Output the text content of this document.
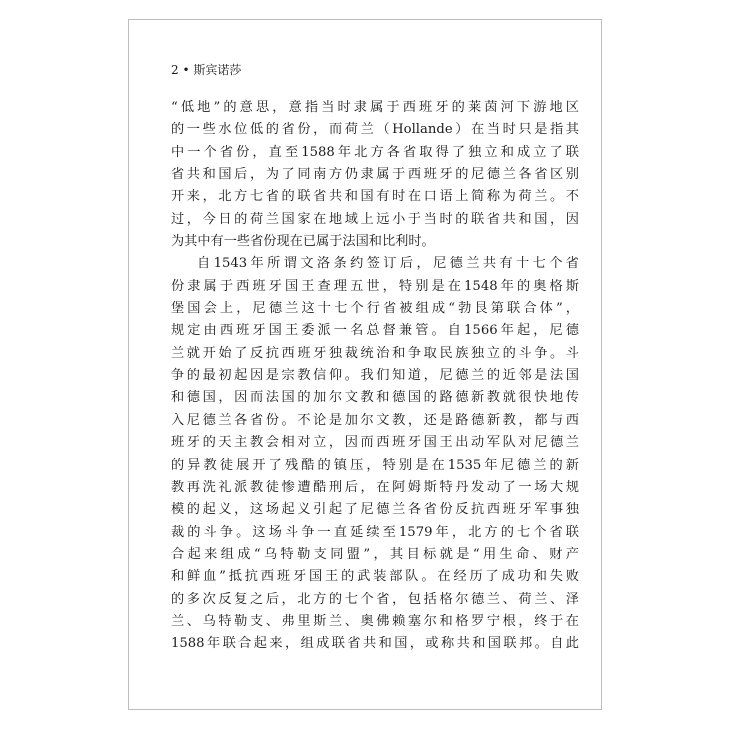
2 • 斯宾诺莎
“低地”的意思，意指当时隶属于西班牙的莱茵河下游地区
的一些水位低的省份，而荷兰（Hollande）在当时只是指其
中一个省份，直至1588年北方各省取得了独立和成立了联
省共和国后，为了同南方仍隶属于西班牙的尼德兰各省区别
开来，北方七省的联省共和国有时在口语上简称为荷兰。不
过，今日的荷兰国家在地域上远小于当时的联省共和国，因
为其中有一些省份现在已属于法国和比利时。
自1543年所谓文洛条约签订后，尼德兰共有十七个省
份隶属于西班牙国王查理五世，特别是在1548年的奥格斯
堡国会上，尼德兰这十七个行省被组成“勃艮第联合体”，
规定由西班牙国王委派一名总督兼管。自1566年起，尼德
兰就开始了反抗西班牙独裁统治和争取民族独立的斗争。斗
争的最初起因是宗教信仰。我们知道，尼德兰的近邻是法国
和德国，因而法国的加尔文教和德国的路德新教就很快地传
入尼德兰各省份。不论是加尔文教，还是路德新教，都与西
班牙的天主教会相对立，因而西班牙国王出动军队对尼德兰
的异教徒展开了残酷的镇压，特别是在1535年尼德兰的新
教再洗礼派教徒惨遭酷刑后，在阿姆斯特丹发动了一场大规
模的起义，这场起义引起了尼德兰各省份反抗西班牙军事独
裁的斗争。这场斗争一直延续至1579年，北方的七个省联
合起来组成“乌特勒支同盟”，其目标就是“用生命、财产
和鲜血”抵抗西班牙国王的武装部队。在经历了成功和失败
的多次反复之后，北方的七个省，包括格尔德兰、荷兰、泽
兰、乌特勒支、弗里斯兰、奥佛赖塞尔和格罗宁根，终于在
1588年联合起来，组成联省共和国，或称共和国联邦。自此
